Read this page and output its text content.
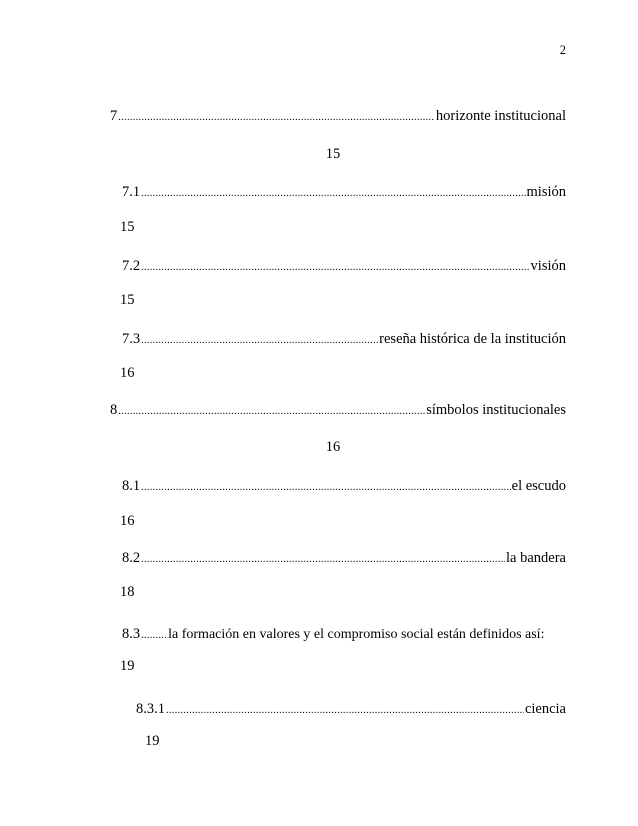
2
7 .....	horizonte institucional
15
7.1 .....	misión
15
7.2 .....	visión
15
7.3 .....	reseña histórica de la institución
16
8 .....	símbolos institucionales
16
8.1 .....	el escudo
16
8.2 .....	la bandera
18
8.3 ..... la formación en valores y el compromiso social están definidos así:
19
8.3.1 .....	ciencia
19
